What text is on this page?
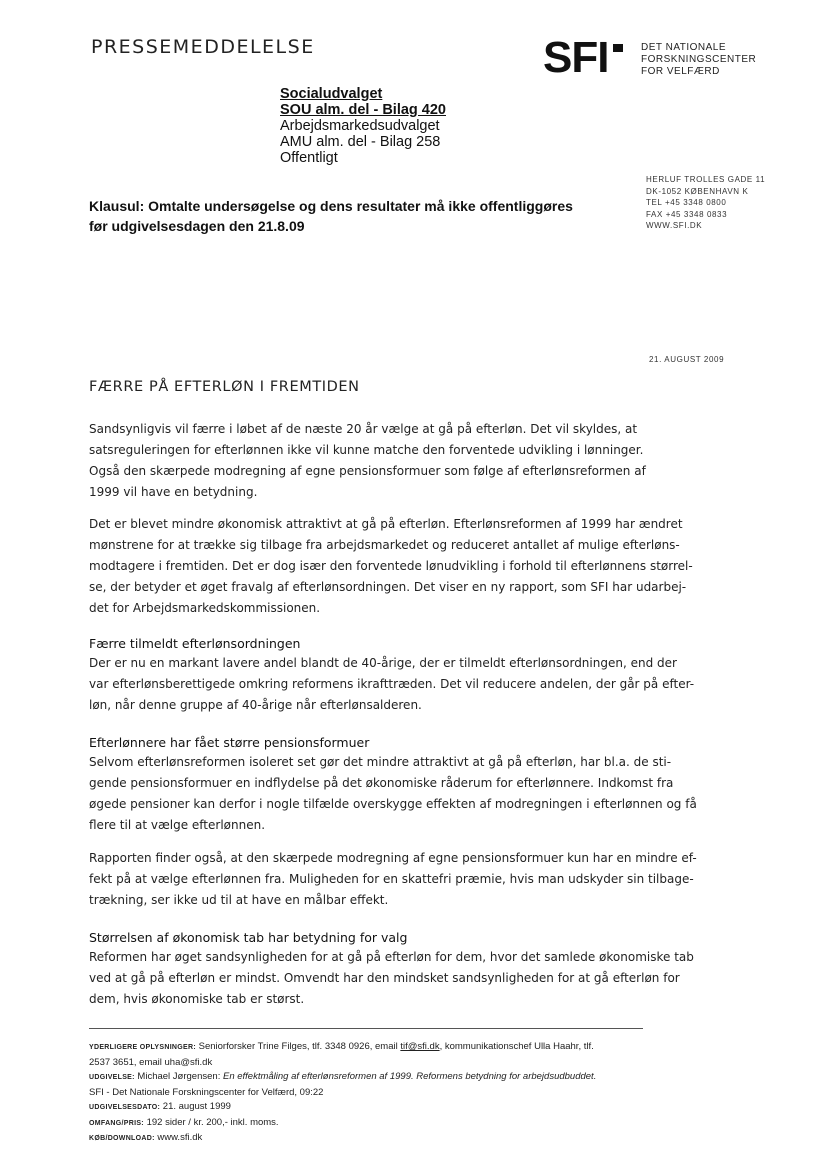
PRESSEMEDDELELSE	SFI	DET NATIONALE
FORSKNINGSCENTER
FOR VELFÆRD
HERLUF TROLLES GADE 11
DK-1052 KØBENHAVN K
TEL +45 3348 0800
FAX +45 3348 0833
WWW.SFI.DK
21. AUGUST 2009
Socialudvalget
SOU alm. del - Bilag 420
Arbejdsmarkedsudvalget
AMU alm. del - Bilag 258
Offentligt
Klausul: Omtalte undersøgelse og dens resultater må ikke offentliggøres
før udgivelsesdagen den 21.8.09
FÆRRE PÅ EFTERLØN I FREMTIDEN
Sandsynligvis vil færre i løbet af de næste 20 år vælge at gå på efterløn. Det vil skyldes, at
satsreguleringen for efterlønnen ikke vil kunne matche den forventede udvikling i lønninger.
Også den skærpede modregning af egne pensionsformuer som følge af efterlønsreformen af
1999 vil have en betydning.
Det er blevet mindre økonomisk attraktivt at gå på efterløn. Efterlønsreformen af 1999 har ændret
mønstrene for at trække sig tilbage fra arbejdsmarkedet og reduceret antallet af mulige efterløns-
modtagere i fremtiden. Det er dog især den forventede lønudvikling i forhold til efterlønnens størrel-
se, der betyder et øget fravalg af efterlønsordningen. Det viser en ny rapport, som SFI har udarbej-
det for Arbejdsmarkedskommissionen.
Færre tilmeldt efterlønsordningen
Der er nu en markant lavere andel blandt de 40-årige, der er tilmeldt efterlønsordningen, end der
var efterlønsberettigede omkring reformens ikrafttræden. Det vil reducere andelen, der går på efter-
løn, når denne gruppe af 40-årige når efterlønsalderen.
Efterlønnere har fået større pensionsformuer
Selvom efterlønsreformen isoleret set gør det mindre attraktivt at gå på efterløn, har bl.a. de sti-
gende pensionsformuer en indflydelse på det økonomiske råderum for efterlønnere. Indkomst fra
øgede pensioner kan derfor i nogle tilfælde overskygge effekten af modregningen i efterlønnen og få
flere til at vælge efterlønnen.
Rapporten finder også, at den skærpede modregning af egne pensionsformuer kun har en mindre ef-
fekt på at vælge efterlønnen fra. Muligheden for en skattefri præmie, hvis man udskyder sin tilbage-
trækning, ser ikke ud til at have en målbar effekt.
Størrelsen af økonomisk tab har betydning for valg
Reformen har øget sandsynligheden for at gå på efterløn for dem, hvor det samlede økonomiske tab
ved at gå på efterløn er mindst. Omvendt har den mindsket sandsynligheden for at gå efterløn for
dem, hvis økonomiske tab er størst.
YDERLIGERE OPLYSNINGER: Seniorforsker Trine Filges, tlf. 3348 0926, email tif@sfi.dk, kommunikationschef Ulla Haahr, tlf.
2537 3651, email uha@sfi.dk
UDGIVELSE: Michael Jørgensen: En effektmåling af efterlønsreformen af 1999. Reformens betydning for arbejdsudbuddet.
SFI - Det Nationale Forskningscenter for Velfærd, 09:22
UDGIVELSESDATO: 21. august 1999
OMFANG/PRIS: 192 sider / kr. 200,- inkl. moms.
KØB/DOWNLOAD: www.sfi.dk
